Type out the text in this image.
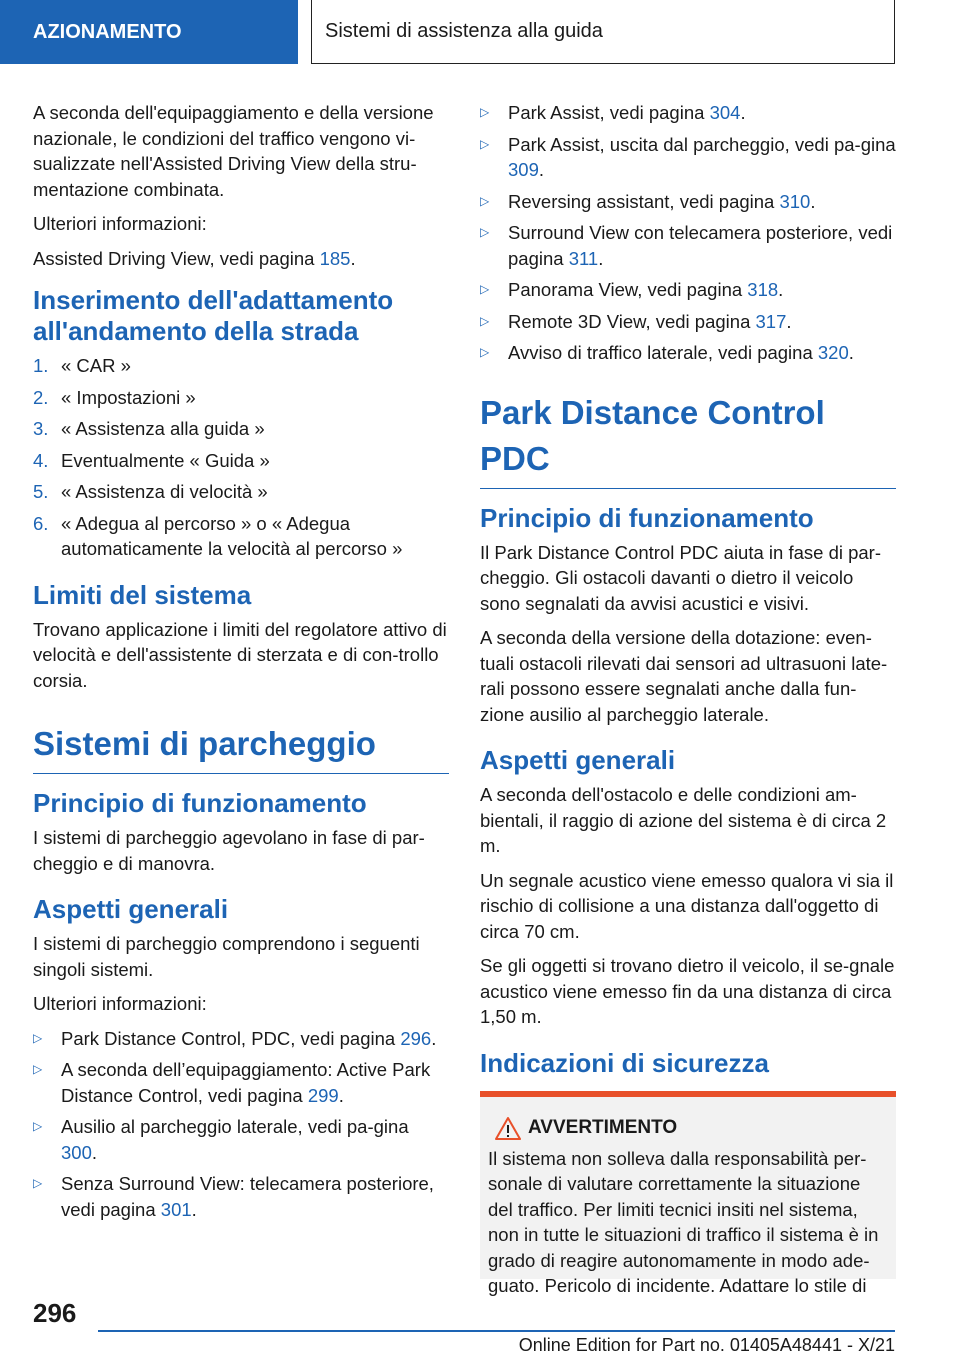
AZIONAMENTO	Sistemi di assistenza alla guida

A seconda dell'equipaggiamento e della versione nazionale, le condizioni del traffico vengono vi-sualizzate nell'Assisted Driving View della stru-mentazione combinata.

Ulteriori informazioni:

Assisted Driving View, vedi pagina 185.

Inserimento dell'adattamento all'andamento della strada
1. « CAR »
2. « Impostazioni »
3. « Assistenza alla guida »
4. Eventualmente « Guida »
5. « Assistenza di velocità »
6. « Adegua al percorso » o « Adegua automaticamente la velocità al percorso »
Limiti del sistema

Trovano applicazione i limiti del regolatore attivo di velocità e dell'assistente di sterzata e di con-trollo corsia.

Sistemi di parcheggio
Principio di funzionamento

I sistemi di parcheggio agevolano in fase di par-cheggio e di manovra.

Aspetti generali

I sistemi di parcheggio comprendono i seguenti singoli sistemi.

Ulteriori informazioni:

▷	Park Distance Control, PDC, vedi pagina 296.
▷	A seconda dell’equipaggiamento: Active Park Distance Control, vedi pagina 299.
▷	Ausilio al parcheggio laterale, vedi pa-gina 300.
▷	Senza Surround View: telecamera posteriore, vedi pagina 301.
▷	Park Assist, vedi pagina 304.
▷	Park Assist, uscita dal parcheggio, vedi pa-gina 309.
▷	Reversing assistant, vedi pagina 310.
▷	Surround View con telecamera posteriore, vedi pagina 311.
▷	Panorama View, vedi pagina 318.
▷	Remote 3D View, vedi pagina 317.
▷	Avviso di traffico laterale, vedi pagina 320.
Park Distance Control PDC
Principio di funzionamento

Il Park Distance Control PDC aiuta in fase di par-cheggio. Gli ostacoli davanti o dietro il veicolo sono segnalati da avvisi acustici e visivi.

A seconda della versione della dotazione: even-tuali ostacoli rilevati dai sensori ad ultrasuoni late-rali possono essere segnalati anche dalla fun-zione ausilio al parcheggio laterale.

Aspetti generali

A seconda dell'ostacolo e delle condizioni am-bientali, il raggio di azione del sistema è di circa 2 m.

Un segnale acustico viene emesso qualora vi sia il rischio di collisione a una distanza dall'oggetto di circa 70 cm.

Se gli oggetti si trovano dietro il veicolo, il se-gnale acustico viene emesso fin da una distanza di circa 1,50 m.

Indicazioni di sicurezza
AVVERTIMENTO
Il sistema non solleva dalla responsabilità per-sonale di valutare correttamente la situazione del traffico. Per limiti tecnici insiti nel sistema, non in tutte le situazioni di traffico il sistema è in grado di reagire autonomamente in modo ade-guato. Pericolo di incidente. Adattare lo stile di
296
Online Edition for Part no. 01405A48441 - X/21
